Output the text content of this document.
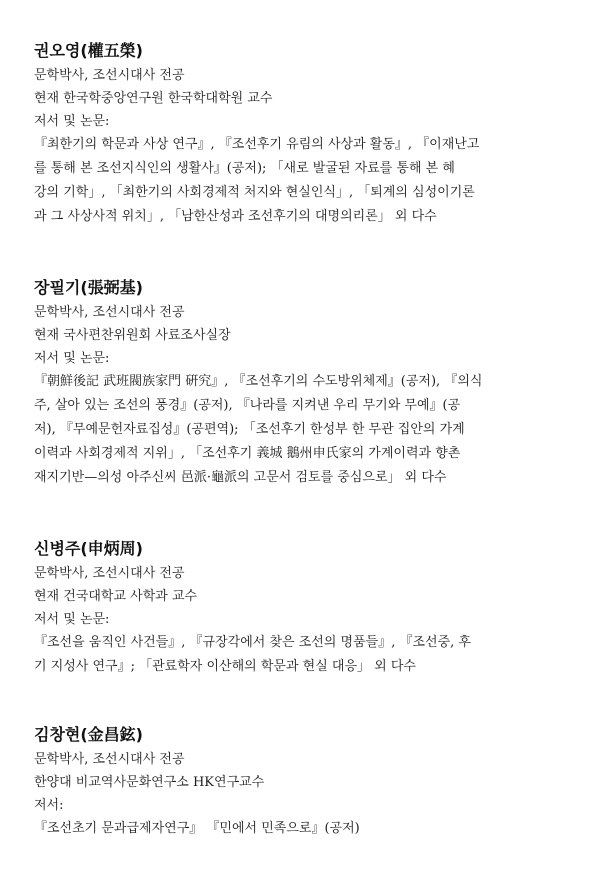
권오영(權五榮)
문학박사, 조선시대사 전공
현재 한국학중앙연구원 한국학대학원 교수
저서 및 논문:
『최한기의 학문과 사상 연구』, 『조선후기 유림의 사상과 활동』, 『이재난고
를 통해 본 조선지식인의 생활사』(공저); 「새로 발굴된 자료를 통해 본 혜
강의 기학」, 「최한기의 사회경제적 처지와 현실인식」, 「퇴계의 심성이기론
과 그 사상사적 위치」, 「남한산성과 조선후기의 대명의리론」 외 다수
장필기(張弼基)
문학박사, 조선시대사 전공
현재 국사편찬위원회 사료조사실장
저서 및 논문:
『朝鮮後記 武班閥族家門 硏究』, 『조선후기의 수도방위체제』(공저), 『의식
주, 살아 있는 조선의 풍경』(공저), 『나라를 지켜낸 우리 무기와 무예』(공
저), 『무예문헌자료집성』(공편역); 「조선후기 한성부 한 무관 집안의 가계
이력과 사회경제적 지위」, 「조선후기 義城 鵝州申氏家의 가계이력과 향촌
재지기반—의성 아주신씨 邑派·龜派의 고문서 검토를 중심으로」 외 다수
신병주(申炳周)
문학박사, 조선시대사 전공
현재 건국대학교 사학과 교수
저서 및 논문:
『조선을 움직인 사건들』, 『규장각에서 찾은 조선의 명품들』, 『조선중, 후
기 지성사 연구』; 「관료학자 이산해의 학문과 현실 대응」 외 다수
김창현(金昌鉉)
문학박사, 조선시대사 전공
한양대 비교역사문화연구소 HK연구교수
저서:
『조선초기 문과급제자연구』 『민에서 민족으로』(공저)
